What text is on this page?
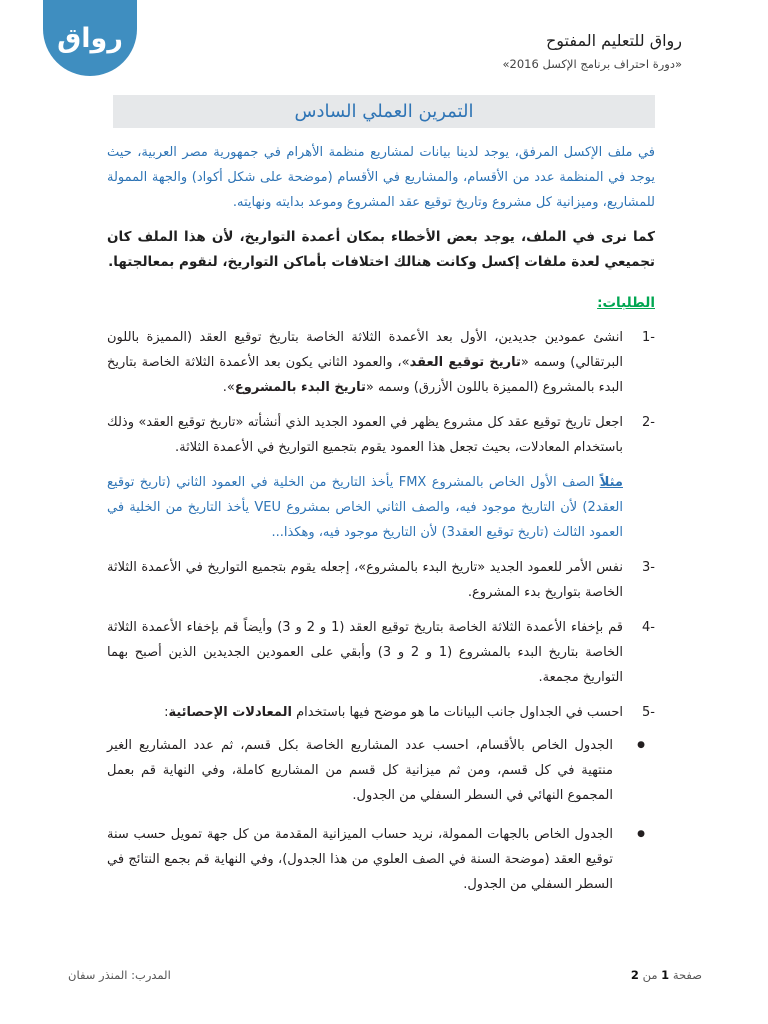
رواق	رواق للتعليم المفتوح
«دورة احتراف برنامج الإكسل 2016»
التمرين العملي السادس

في ملف الإكسل المرفق، يوجد لدينا بيانات لمشاريع منظمة الأهرام في جمهورية مصر العربية، حيث يوجد في المنظمة عدد من الأقسام، والمشاريع في الأقسام (موضحة على شكل أكواد) والجهة الممولة للمشاريع، وميزانية كل مشروع وتاريخ توقيع عقد المشروع وموعد بدايته ونهايته.

كما نرى في الملف، يوجد بعض الأخطاء بمكان أعمدة التواريخ، لأن هذا الملف كان تجميعي لعدة ملفات إكسل وكانت هنالك اختلافات بأماكن التواريخ، لنقوم بمعالجتها.

الطلبات:

-1
انشئ عمودين جديدين، الأول بعد الأعمدة الثلاثة الخاصة بتاريخ توقيع العقد (المميزة باللون البرتقالي) وسمه «تاريخ توقيع العقد»، والعمود الثاني يكون بعد الأعمدة الثلاثة الخاصة بتاريخ البدء بالمشروع (المميزة باللون الأزرق) وسمه «تاريخ البدء بالمشروع».
-2
اجعل تاريخ توقيع عقد كل مشروع يظهر في العمود الجديد الذي أنشأته «تاريخ توقيع العقد» وذلك باستخدام المعادلات، بحيث تجعل هذا العمود يقوم بتجميع التواريخ في الأعمدة الثلاثة.

مثلاً الصف الأول الخاص بالمشروع FMX يأخذ التاريخ من الخلية في العمود الثاني (تاريخ توقيع العقد2) لأن التاريخ موجود فيه، والصف الثاني الخاص بمشروع VEU يأخذ التاريخ من الخلية في العمود الثالث (تاريخ توقيع العقد3) لأن التاريخ موجود فيه، وهكذا...

-3
نفس الأمر للعمود الجديد «تاريخ البدء بالمشروع»، إجعله يقوم بتجميع التواريخ في الأعمدة الثلاثة الخاصة بتواريخ بدء المشروع.
-4
قم بإخفاء الأعمدة الثلاثة الخاصة بتاريخ توقيع العقد (1 و 2 و 3) وأيضاً قم بإخفاء الأعمدة الثلاثة الخاصة بتاريخ البدء بالمشروع (1 و 2 و 3) وأبقي على العمودين الجديدين الذين أصبح بهما التواريخ مجمعة.
-5
احسب في الجداول جانب البيانات ما هو موضح فيها باستخدام المعادلات الإحصائية:
● الجدول الخاص بالأقسام، احسب عدد المشاريع الخاصة بكل قسم، ثم عدد المشاريع الغير منتهية في كل قسم، ومن ثم ميزانية كل قسم من المشاريع كاملة، وفي النهاية قم بعمل المجموع النهائي في السطر السفلي من الجدول.
● الجدول الخاص بالجهات الممولة، نريد حساب الميزانية المقدمة من كل جهة تمويل حسب سنة توقيع العقد (موضحة السنة في الصف العلوي من هذا الجدول)، وفي النهاية قم بجمع النتائج في السطر السفلي من الجدول.
المدرب: المنذر سفان	صفحة 1 من 2
